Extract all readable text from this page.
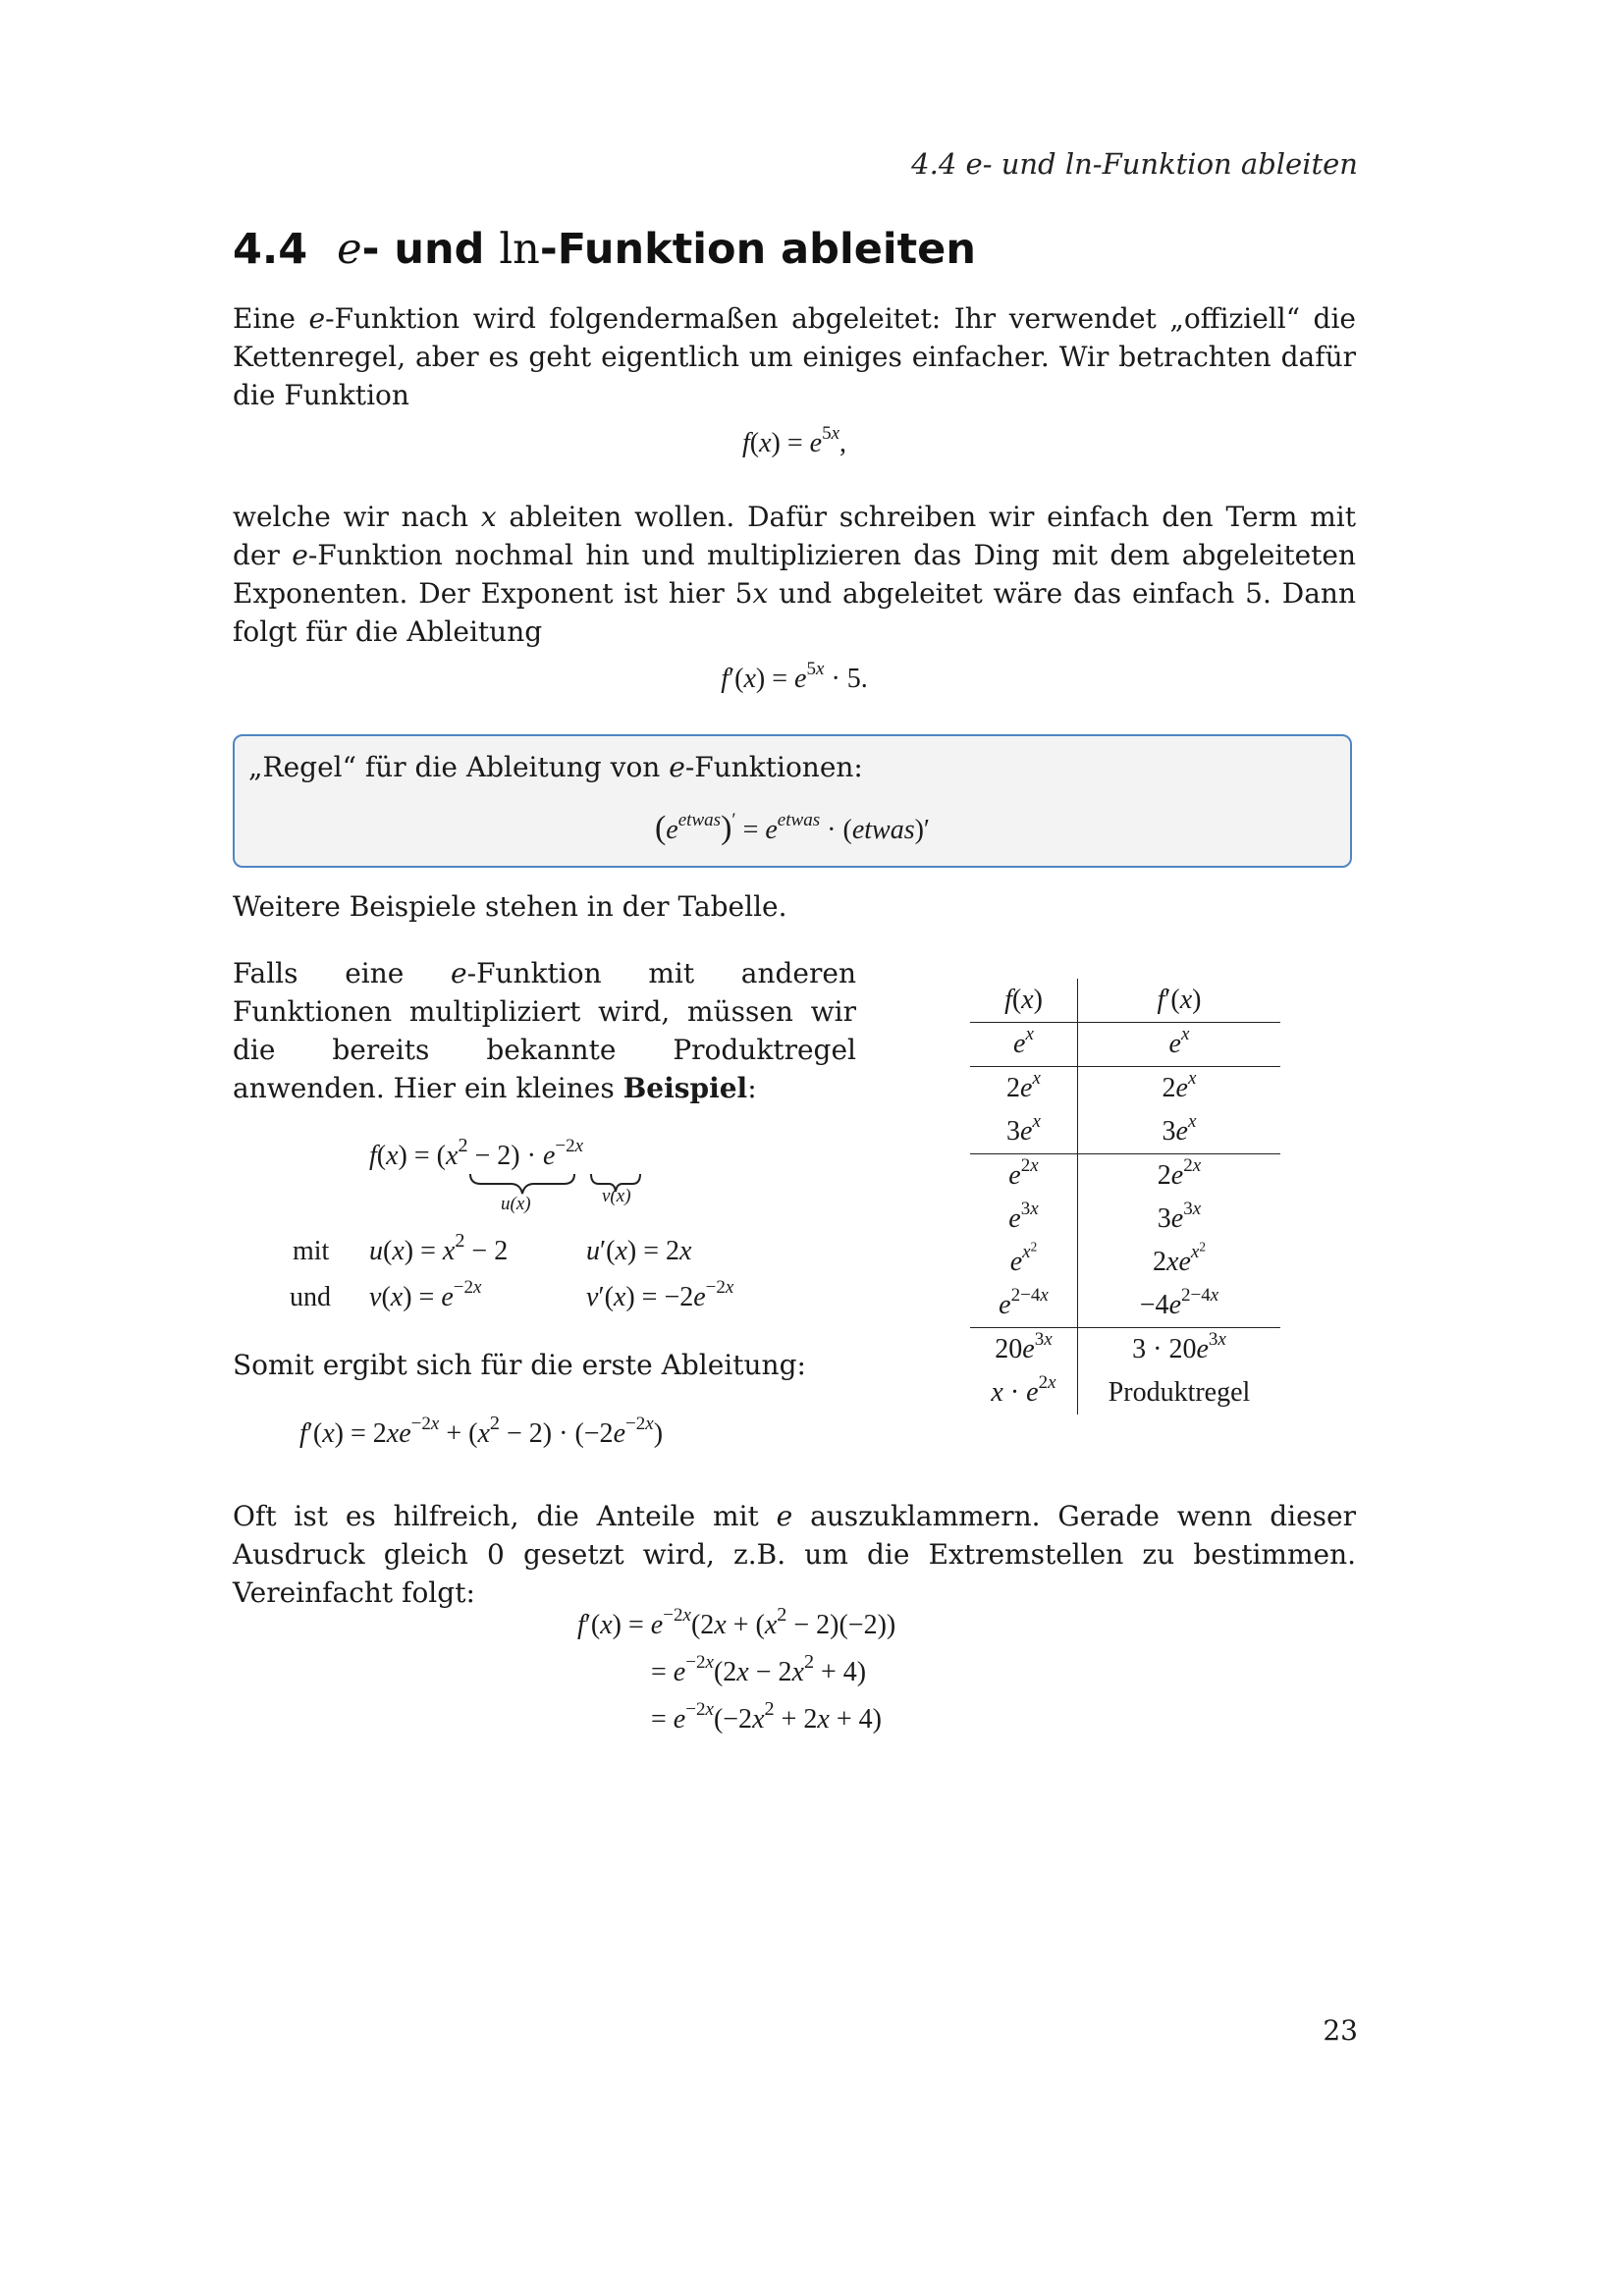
4.4 e- und ln-Funktion ableiten
4.4 e- und ln-Funktion ableiten
Eine e-Funktion wird folgendermaßen abgeleitet: Ihr verwendet „offiziell“ die Kettenregel, aber es geht eigentlich um einiges einfacher. Wir betrachten dafür die Funktion
$f(x) = e^{5x}$,
welche wir nach x ableiten wollen. Dafür schreiben wir einfach den Term mit der e-Funktion nochmal hin und multiplizieren das Ding mit dem abgeleiteten Exponenten. Der Exponent ist hier 5x und abgeleitet wäre das einfach 5. Dann folgt für die Ableitung
$f'(x) = e^{5x} \cdot 5$.
„Regel“ für die Ableitung von e-Funktionen:
$(e^{etwas})' = e^{etwas}$ · (etwas)′
Weitere Beispiele stehen in der Tabelle.
Falls eine e-Funktion mit anderen Funktionen multipliziert wird, müssen wir die bereits bekannte Produktregel anwenden. Hier ein kleines Beispiel:
$f(x) = (x^2 - 2) \cdot e^{-2x}$
u(x)	v(x)
mit $u(x) = x^2 - 2$	u′(x) = 2x
und $v(x) = e^{-2x}$	$v'(x) = -2e^{-2x}$
Somit ergibt sich für die erste Ableitung:
$f'(x) = 2xe^{-2x} + (x^2 - 2) \cdot (-2e^{-2x})$
f(x)	f′(x)
$e^x$	$e^x$
$2e^x$	$2e^x$
$3e^x$	$3e^x$
$e^{2x}$	$2e^{2x}$
$e^{3x}$	$3e^{3x}$
$e^{x^2}$	$2xe^{x^2}$
$e^{2-4x}$	$-4e^{2-4x}$
$20e^{3x}$	$3 \cdot 20e^{3x}$
$x \cdot e^{2x}$	Produktregel
Oft ist es hilfreich, die Anteile mit e auszuklammern. Gerade wenn dieser Ausdruck gleich 0 gesetzt wird, z.B. um die Extremstellen zu bestimmen. Vereinfacht folgt:
$f'(x) = e^{-2x}(2x + (x^2 - 2)(-2))$
= $e^{-2x}(2x - 2x^2 + 4)$
= $e^{-2x}(-2x^2 + 2x + 4)$
23
